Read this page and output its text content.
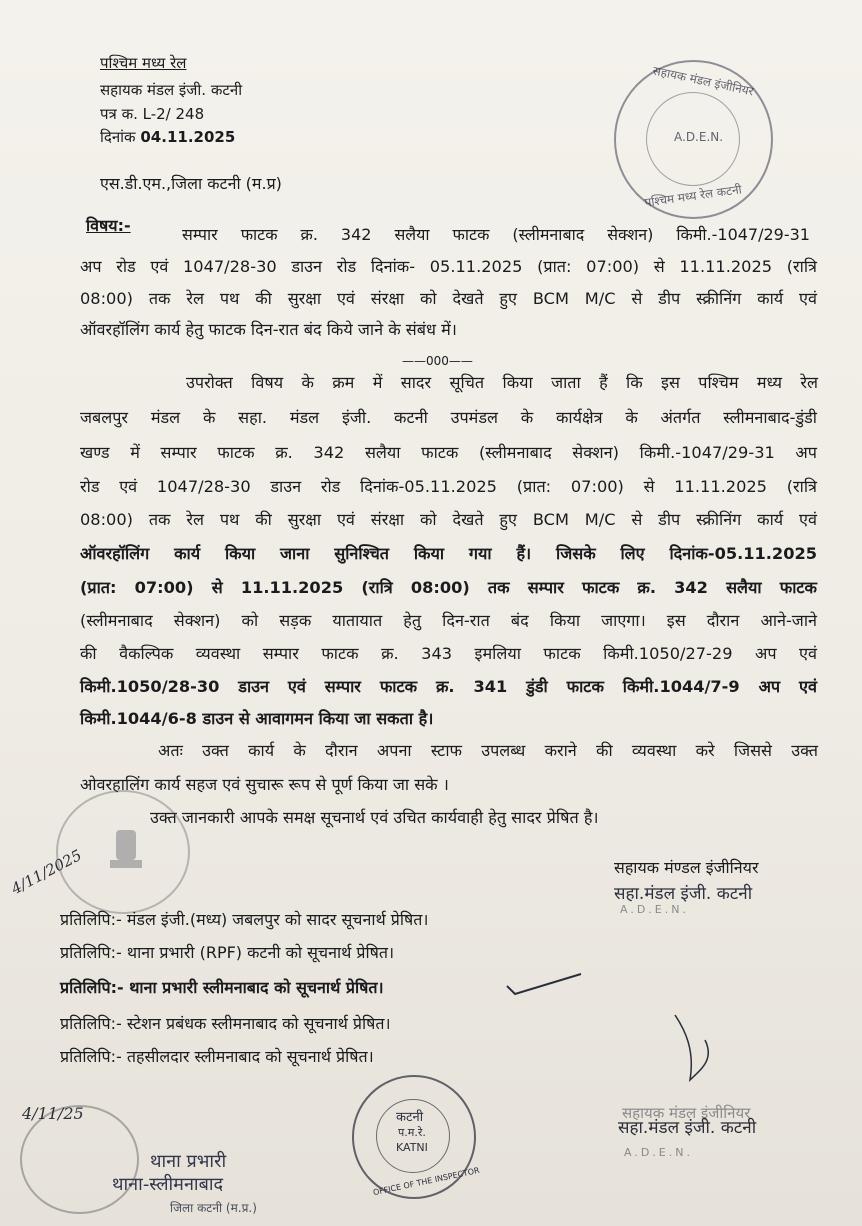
पश्चिम मध्य रेल
सहायक मंडल इंजी. कटनी
पत्र क. L-2/ 248
दिनांक 04.11.2025
सहायक मंडल इंजीनियर
A.D.E.N.
पश्चिम मध्य रेल कटनी
एस.डी.एम.,जिला कटनी (म.प्र)
विषय:-	सम्पार फाटक क्र. 342 सलैया फाटक (स्लीमनाबाद सेक्शन) किमी.-1047/29-31
अप रोड एवं 1047/28-30 डाउन रोड दिनांक- 05.11.2025 (प्रात: 07:00) से 11.11.2025 (रात्रि
08:00) तक रेल पथ की सुरक्षा एवं संरक्षा को देखते हुए BCM M/C से डीप स्क्रीनिंग कार्य एवं
ऑवरहॉलिंग कार्य हेतु फाटक दिन-रात बंद किये जाने के संबंध में।
——000——
उपरोक्त विषय के क्रम में सादर सूचित किया जाता हैं कि इस पश्चिम मध्य रेल
जबलपुर मंडल के सहा. मंडल इंजी. कटनी उपमंडल के कार्यक्षेत्र के अंतर्गत स्लीमनाबाद-डुंडी
खण्ड में सम्पार फाटक क्र. 342 सलैया फाटक (स्लीमनाबाद सेक्शन) किमी.-1047/29-31 अप
रोड एवं 1047/28-30 डाउन रोड दिनांक-05.11.2025 (प्रात: 07:00) से 11.11.2025 (रात्रि
08:00) तक रेल पथ की सुरक्षा एवं संरक्षा को देखते हुए BCM M/C से डीप स्क्रीनिंग कार्य एवं
ऑवरहॉलिंग कार्य किया जाना सुनिश्चित किया गया हैं। जिसके लिए दिनांक-05.11.2025
(प्रात: 07:00) से 11.11.2025 (रात्रि 08:00) तक सम्पार फाटक क्र. 342 सलैया फाटक
(स्लीमनाबाद सेक्शन) को सड़क यातायात हेतु दिन-रात बंद किया जाएगा। इस दौरान आने-जाने
की वैकल्पिक व्यवस्था सम्पार फाटक क्र. 343 इमलिया फाटक किमी.1050/27-29 अप एवं
किमी.1050/28-30 डाउन एवं सम्पार फाटक क्र. 341 डुंडी फाटक किमी.1044/7-9 अप एवं
किमी.1044/6-8 डाउन से आवागमन किया जा सकता है।
अतः उक्त कार्य के दौरान अपना स्टाफ उपलब्ध कराने की व्यवस्था करे जिससे उक्त
ओवरहालिंग कार्य सहज एवं सुचारू रूप से पूर्ण किया जा सके ।
उक्त जानकारी आपके समक्ष सूचनार्थ एवं उचित कार्यवाही हेतु सादर प्रेषित है।
4/11/2025	सहायक मंण्डल इंजीनियर
सहा.मंडल इंजी. कटनी
A.D.E.N.
प्रतिलिपि:- मंडल इंजी.(मध्य) जबलपुर को सादर सूचनार्थ प्रेषित।
प्रतिलिपि:- थाना प्रभारी (RPF) कटनी को सूचनार्थ प्रेषित।
प्रतिलिपि:- थाना प्रभारी स्लीमनाबाद को सूचनार्थ प्रेषित।
प्रतिलिपि:- स्टेशन प्रबंधक स्लीमनाबाद को सूचनार्थ प्रेषित।
प्रतिलिपि:- तहसीलदार स्लीमनाबाद को सूचनार्थ प्रेषित।
4/11/25
थाना प्रभारी
थाना-स्लीमनाबाद
जिला कटनी (म.प्र.)
कटनी
प.म.रे.
KATNI
OFFICE OF THE INSPECTOR
सहायक मंडल इंजीनियर
सहा.मंडल इंजी. कटनी
A.D.E.N.
